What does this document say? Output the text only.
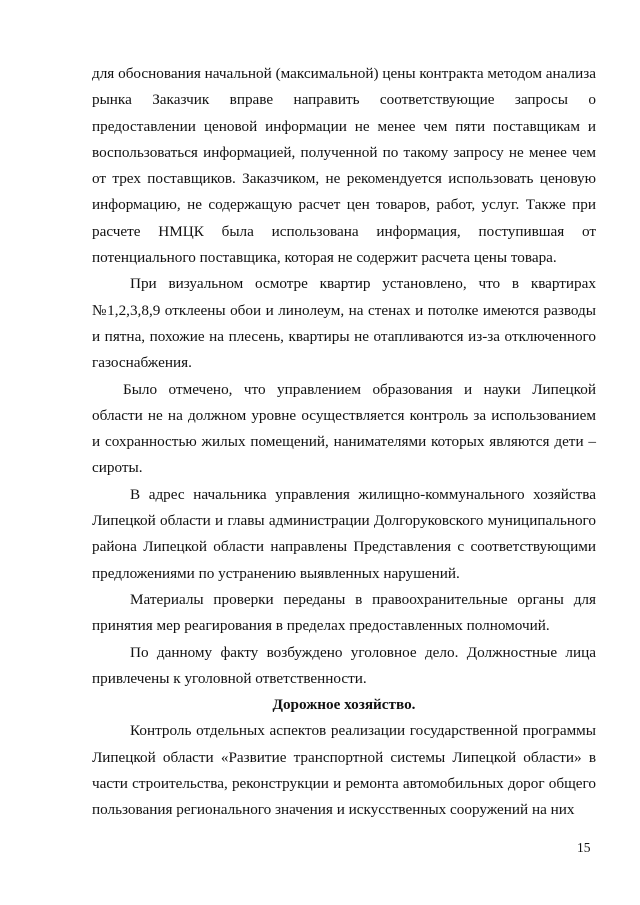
для обоснования начальной (максимальной) цены контракта методом анализа рынка Заказчик вправе направить соответствующие запросы о предоставлении ценовой информации не менее чем пяти поставщикам и воспользоваться информацией, полученной по такому запросу не менее чем от трех поставщиков. Заказчиком, не рекомендуется использовать ценовую информацию, не содержащую расчет цен товаров, работ, услуг. Также при расчете НМЦК была использована информация, поступившая от потенциального поставщика, которая не содержит расчета цены товара.

При визуальном осмотре квартир установлено, что в квартирах №1,2,3,8,9 отклеены обои и линолеум, на стенах и потолке имеются разводы и пятна, похожие на плесень, квартиры не отапливаются из-за отключенного газоснабжения.

Было отмечено, что управлением образования и науки Липецкой области не на должном уровне осуществляется контроль за использованием и сохранностью жилых помещений, нанимателями которых являются дети – сироты.

В адрес начальника управления жилищно-коммунального хозяйства Липецкой области и главы администрации Долгоруковского муниципального района Липецкой области направлены Представления с соответствующими предложениями по устранению выявленных нарушений.

Материалы проверки переданы в правоохранительные органы для принятия мер реагирования в пределах предоставленных полномочий.

По данному факту возбуждено уголовное дело. Должностные лица привлечены к уголовной ответственности.

Дорожное хозяйство.

Контроль отдельных аспектов реализации государственной программы Липецкой области «Развитие транспортной системы Липецкой области» в части строительства, реконструкции и ремонта автомобильных дорог общего пользования регионального значения и искусственных сооружений на них

15
